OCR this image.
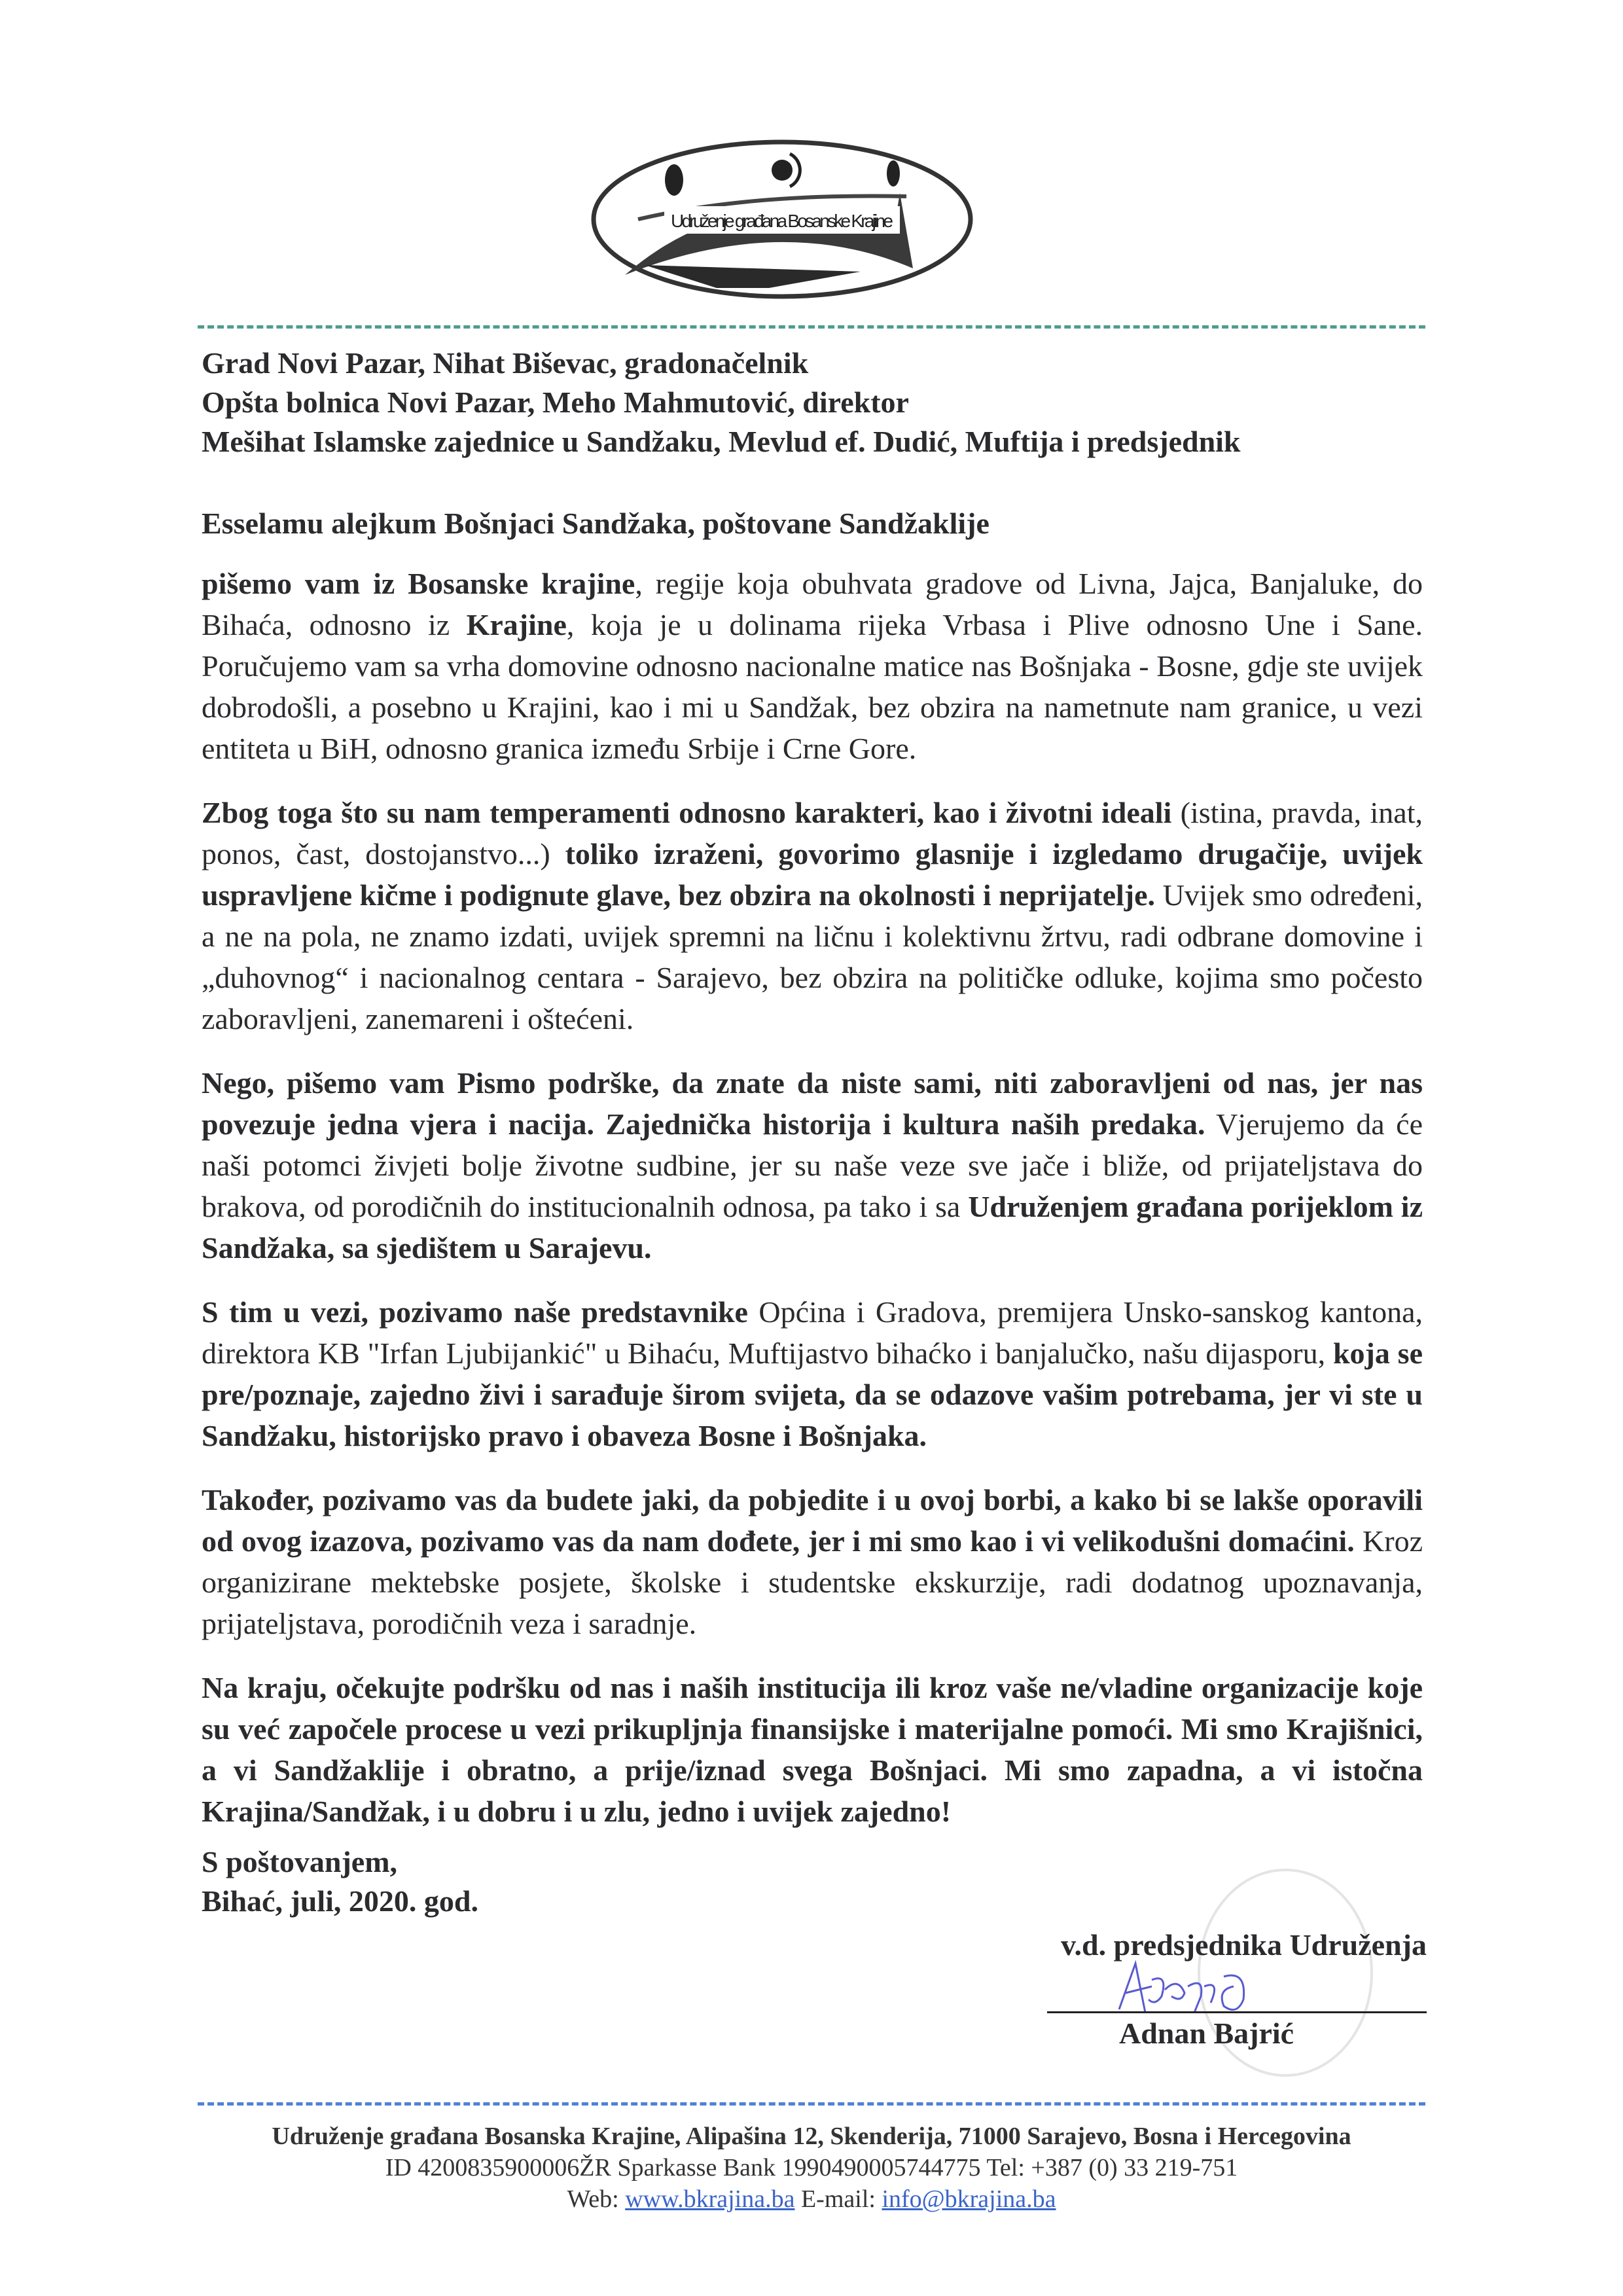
Udruženje građana Bosanske Krajine
Grad Novi Pazar, Nihat Biševac, gradonačelnik
Opšta bolnica Novi Pazar, Meho Mahmutović, direktor
Mešihat Islamske zajednice u Sandžaku, Mevlud ef. Dudić, Muftija i predsjednik
Esselamu alejkum Bošnjaci Sandžaka, poštovane Sandžaklije

pišemo vam iz Bosanske krajine, regije koja obuhvata gradove od Livna, Jajca, Banjaluke, do Bihaća, odnosno iz Krajine, koja je u dolinama rijeka Vrbasa i Plive odnosno Une i Sane. Poručujemo vam sa vrha domovine odnosno nacionalne matice nas Bošnjaka - Bosne, gdje ste uvijek dobrodošli, a posebno u Krajini, kao i mi u Sandžak, bez obzira na nametnute nam granice, u vezi entiteta u BiH, odnosno granica između Srbije i Crne Gore.

Zbog toga što su nam temperamenti odnosno karakteri, kao i životni ideali (istina, pravda, inat, ponos, čast, dostojanstvo...) toliko izraženi, govorimo glasnije i izgledamo drugačije, uvijek uspravljene kičme i podignute glave, bez obzira na okolnosti i neprijatelje. Uvijek smo određeni, a ne na pola, ne znamo izdati, uvijek spremni na ličnu i kolektivnu žrtvu, radi odbrane domovine i „duhovnog“ i nacionalnog centara - Sarajevo, bez obzira na političke odluke, kojima smo počesto zaboravljeni, zanemareni i oštećeni.

Nego, pišemo vam Pismo podrške, da znate da niste sami, niti zaboravljeni od nas, jer nas povezuje jedna vjera i nacija. Zajednička historija i kultura naših predaka. Vjerujemo da će naši potomci živjeti bolje životne sudbine, jer su naše veze sve jače i bliže, od prijateljstava do brakova, od porodičnih do institucionalnih odnosa, pa tako i sa Udruženjem građana porijeklom iz Sandžaka, sa sjedištem u Sarajevu.

S tim u vezi, pozivamo naše predstavnike Općina i Gradova, premijera Unsko-sanskog kantona, direktora KB "Irfan Ljubijankić" u Bihaću, Muftijastvo bihaćko i banjalučko, našu dijasporu, koja se pre/poznaje, zajedno živi i sarađuje širom svijeta, da se odazove vašim potrebama, jer vi ste u Sandžaku, historijsko pravo i obaveza Bosne i Bošnjaka.

Također, pozivamo vas da budete jaki, da pobjedite i u ovoj borbi, a kako bi se lakše oporavili od ovog izazova, pozivamo vas da nam dođete, jer i mi smo kao i vi velikodušni domaćini. Kroz organizirane mektebske posjete, školske i studentske ekskurzije, radi dodatnog upoznavanja, prijateljstava, porodičnih veza i saradnje.

Na kraju, očekujte podršku od nas i naših institucija ili kroz vaše ne/vladine organizacije koje su već započele procese u vezi prikupljnja finansijske i materijalne pomoći. Mi smo Krajišnici, a vi Sandžaklije i obratno, a prije/iznad svega Bošnjaci. Mi smo zapadna, a vi istočna Krajina/Sandžak, i u dobru i u zlu, jedno i uvijek zajedno!

S poštovanjem,
Bihać, juli, 2020. god.
v.d. predsjednika Udruženja
Adnan Bajrić
Udruženje građana Bosanska Krajine, Alipašina 12, Skenderija, 71000 Sarajevo, Bosna i Hercegovina
ID 4200835900006ŽR Sparkasse Bank 1990490005744775 Tel: +387 (0) 33 219-751
Web: www.bkrajina.ba E-mail: info@bkrajina.ba
